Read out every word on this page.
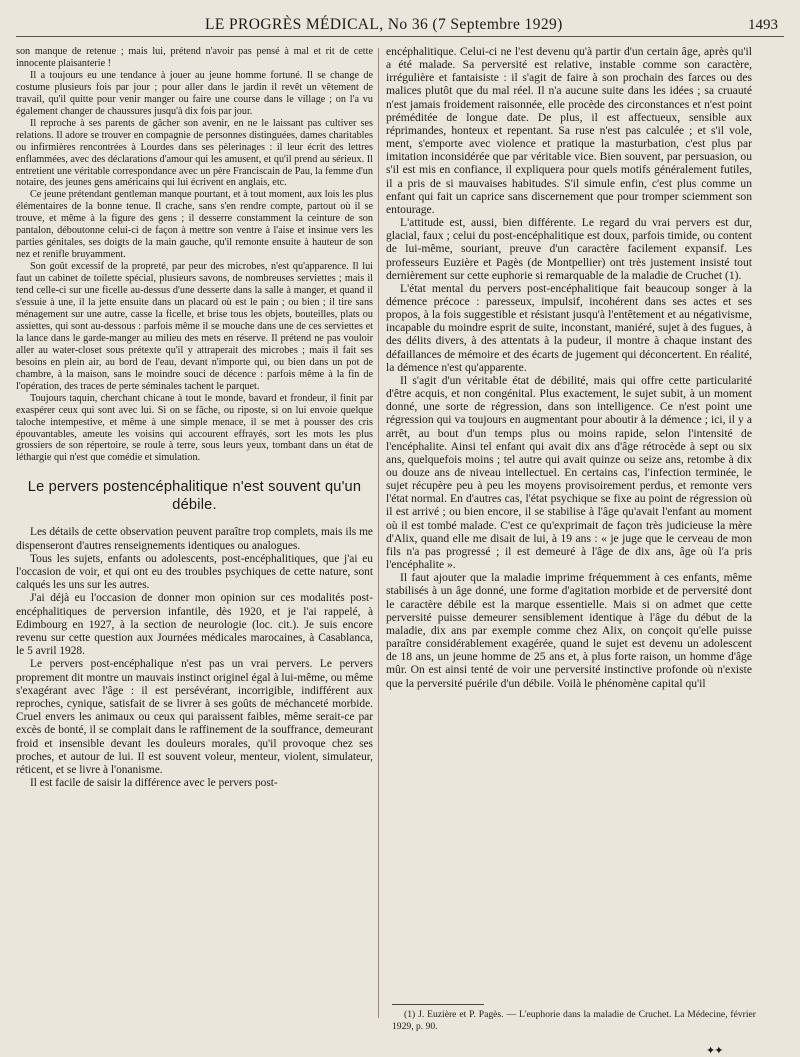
LE PROGRÈS MÉDICAL, No 36 (7 Septembre 1929)	1493

son manque de retenue ; mais lui, prétend n'avoir pas pensé à mal et rit de cette innocente plaisanterie !

Il a toujours eu une tendance à jouer au jeune homme fortuné. Il se change de costume plusieurs fois par jour ; pour aller dans le jardin il revêt un vêtement de travail, qu'il quitte pour venir manger ou faire une course dans le village ; on l'a vu également changer de chaussures jusqu'à dix fois par jour.

Il reproche à ses parents de gâcher son avenir, en ne le laissant pas cultiver ses relations. Il adore se trouver en compagnie de personnes distinguées, dames charitables ou infirmières rencontrées à Lourdes dans ses pèlerinages : il leur écrit des lettres enflammées, avec des déclarations d'amour qui les amusent, et qu'il prend au sérieux. Il entretient une véritable correspondance avec un père Franciscain de Pau, la femme d'un notaire, des jeunes gens américains qui lui écrivent en anglais, etc.

Ce jeune prétendant gentleman manque pourtant, et à tout moment, aux lois les plus élémentaires de la bonne tenue. Il crache, sans s'en rendre compte, partout où il se trouve, et même à la figure des gens ; il desserre constamment la ceinture de son pantalon, déboutonne celui-ci de façon à mettre son ventre à l'aise et insinue vers les parties génitales, ses doigts de la main gauche, qu'il remonte ensuite à hauteur de son nez et renifle bruyamment.

Son goût excessif de la propreté, par peur des microbes, n'est qu'apparence. Il lui faut un cabinet de toilette spécial, plusieurs savons, de nombreuses serviettes ; mais il tend celle-ci sur une ficelle au-dessus d'une desserte dans la salle à manger, et quand il s'essuie à une, il la jette ensuite dans un placard où est le pain ; ou bien ; il tire sans ménagement sur une autre, casse la ficelle, et brise tous les objets, bouteilles, plats ou assiettes, qui sont au-dessous : parfois même il se mouche dans une de ces serviettes et la lance dans le garde-manger au milieu des mets en réserve. Il prétend ne pas vouloir aller au water-closet sous prétexte qu'il y attraperait des microbes ; mais il fait ses besoins en plein air, au bord de l'eau, devant n'importe qui, ou bien dans un pot de chambre, à la maison, sans le moindre souci de décence : parfois même à la fin de l'opération, des traces de perte séminales tachent le parquet.

Toujours taquin, cherchant chicane à tout le monde, bavard et frondeur, il finit par exaspérer ceux qui sont avec lui. Si on se fâche, ou riposte, si on lui envoie quelque taloche intempestive, et même à une simple menace, il se met à pousser des cris épouvantables, ameute les voisins qui accourent effrayés, sort les mots les plus grossiers de son répertoire, se roule à terre, sous leurs yeux, tombant dans un état de léthargie qui n'est que comédie et simulation.

Le pervers postencéphalitique n'est souvent qu'un débile.

Les détails de cette observation peuvent paraître trop complets, mais ils me dispenseront d'autres renseignements identiques ou analogues.

Tous les sujets, enfants ou adolescents, post-encéphalitiques, que j'ai eu l'occasion de voir, et qui ont eu des troubles psychiques de cette nature, sont calqués les uns sur les autres.

J'ai déjà eu l'occasion de donner mon opinion sur ces modalités post-encéphalitiques de perversion infantile, dès 1920, et je l'ai rappelé, à Edimbourg en 1927, à la section de neurologie (loc. cit.). Je suis encore revenu sur cette question aux Journées médicales marocaines, à Casablanca, le 5 avril 1928.

Le pervers post-encéphalique n'est pas un vrai pervers. Le pervers proprement dit montre un mauvais instinct originel égal à lui-même, ou même s'exagérant avec l'âge : il est persévérant, incorrigible, indifférent aux reproches, cynique, satisfait de se livrer à ses goûts de méchanceté morbide. Cruel envers les animaux ou ceux qui paraissent faibles, même serait-ce par excès de bonté, il se complait dans le raffinement de la souffrance, demeurant froid et insensible devant les douleurs morales, qu'il provoque chez ses proches, et autour de lui. Il est souvent voleur, menteur, violent, simulateur, réticent, et se livre à l'onanisme.

Il est facile de saisir la différence avec le pervers post-

encéphalitique. Celui-ci ne l'est devenu qu'à partir d'un certain âge, après qu'il a été malade. Sa perversité est relative, instable comme son caractère, irrégulière et fantaisiste : il s'agit de faire à son prochain des farces ou des malices plutôt que du mal réel. Il n'a aucune suite dans les idées ; sa cruauté n'est jamais froidement raisonnée, elle procède des circonstances et n'est point préméditée de longue date. De plus, il est affectueux, sensible aux réprimandes, honteux et repentant. Sa ruse n'est pas calculée ; et s'il vole, ment, s'emporte avec violence et pratique la masturbation, c'est plus par imitation inconsidérée que par véritable vice. Bien souvent, par persuasion, ou s'il est mis en confiance, il expliquera pour quels motifs généralement futiles, il a pris de si mauvaises habitudes. S'il simule enfin, c'est plus comme un enfant qui fait un caprice sans discernement que pour tromper sciemment son entourage.

L'attitude est, aussi, bien différente. Le regard du vrai pervers est dur, glacial, faux ; celui du post-encéphalitique est doux, parfois timide, ou content de lui-même, souriant, preuve d'un caractère facilement expansif. Les professeurs Euzière et Pagès (de Montpellier) ont très justement insisté tout dernièrement sur cette euphorie si remarquable de la maladie de Cruchet (1).

L'état mental du pervers post-encéphalitique fait beaucoup songer à la démence précoce : paresseux, impulsif, incohérent dans ses actes et ses propos, à la fois suggestible et résistant jusqu'à l'entêtement et au négativisme, incapable du moindre esprit de suite, inconstant, maniéré, sujet à des fugues, à des délits divers, à des attentats à la pudeur, il montre à chaque instant des défaillances de mémoire et des écarts de jugement qui déconcertent. En réalité, la démence n'est qu'apparente.

Il s'agit d'un véritable état de débilité, mais qui offre cette particularité d'être acquis, et non congénital. Plus exactement, le sujet subit, à un moment donné, une sorte de régression, dans son intelligence. Ce n'est point une régression qui va toujours en augmentant pour aboutir à la démence ; ici, il y a arrêt, au bout d'un temps plus ou moins rapide, selon l'intensité de l'encéphalite. Ainsi tel enfant qui avait dix ans d'âge rétrocède à sept ou six ans, quelquefois moins ; tel autre qui avait quinze ou seize ans, retombe à dix ou douze ans de niveau intellectuel. En certains cas, l'infection terminée, le sujet récupère peu à peu les moyens provisoirement perdus, et remonte vers l'état normal. En d'autres cas, l'état psychique se fixe au point de régression où il est arrivé ; ou bien encore, il se stabilise à l'âge qu'avait l'enfant au moment où il est tombé malade. C'est ce qu'exprimait de façon très judicieuse la mère d'Alix, quand elle me disait de lui, à 19 ans : « je juge que le cerveau de mon fils n'a pas progressé ; il est demeuré à l'âge de dix ans, âge où l'a pris l'encéphalite ».

Il faut ajouter que la maladie imprime fréquemment à ces enfants, même stabilisés à un âge donné, une forme d'agitation morbide et de perversité dont le caractère débile est la marque essentielle. Mais si on admet que cette perversité puisse demeurer sensiblement identique à l'âge du début de la maladie, dix ans par exemple comme chez Alix, on conçoit qu'elle puisse paraître considérablement exagérée, quand le sujet est devenu un adolescent de 18 ans, un jeune homme de 25 ans et, à plus forte raison, un homme d'âge mûr. On est ainsi tenté de voir une perversité instinctive profonde où n'existe que la perversité puérile d'un débile. Voilà le phénomène capital qu'il

(1) J. Euzière et P. Pagès. — L'euphorie dans la maladie de Cruchet. La Médecine, février 1929, p. 90.

✦✦
